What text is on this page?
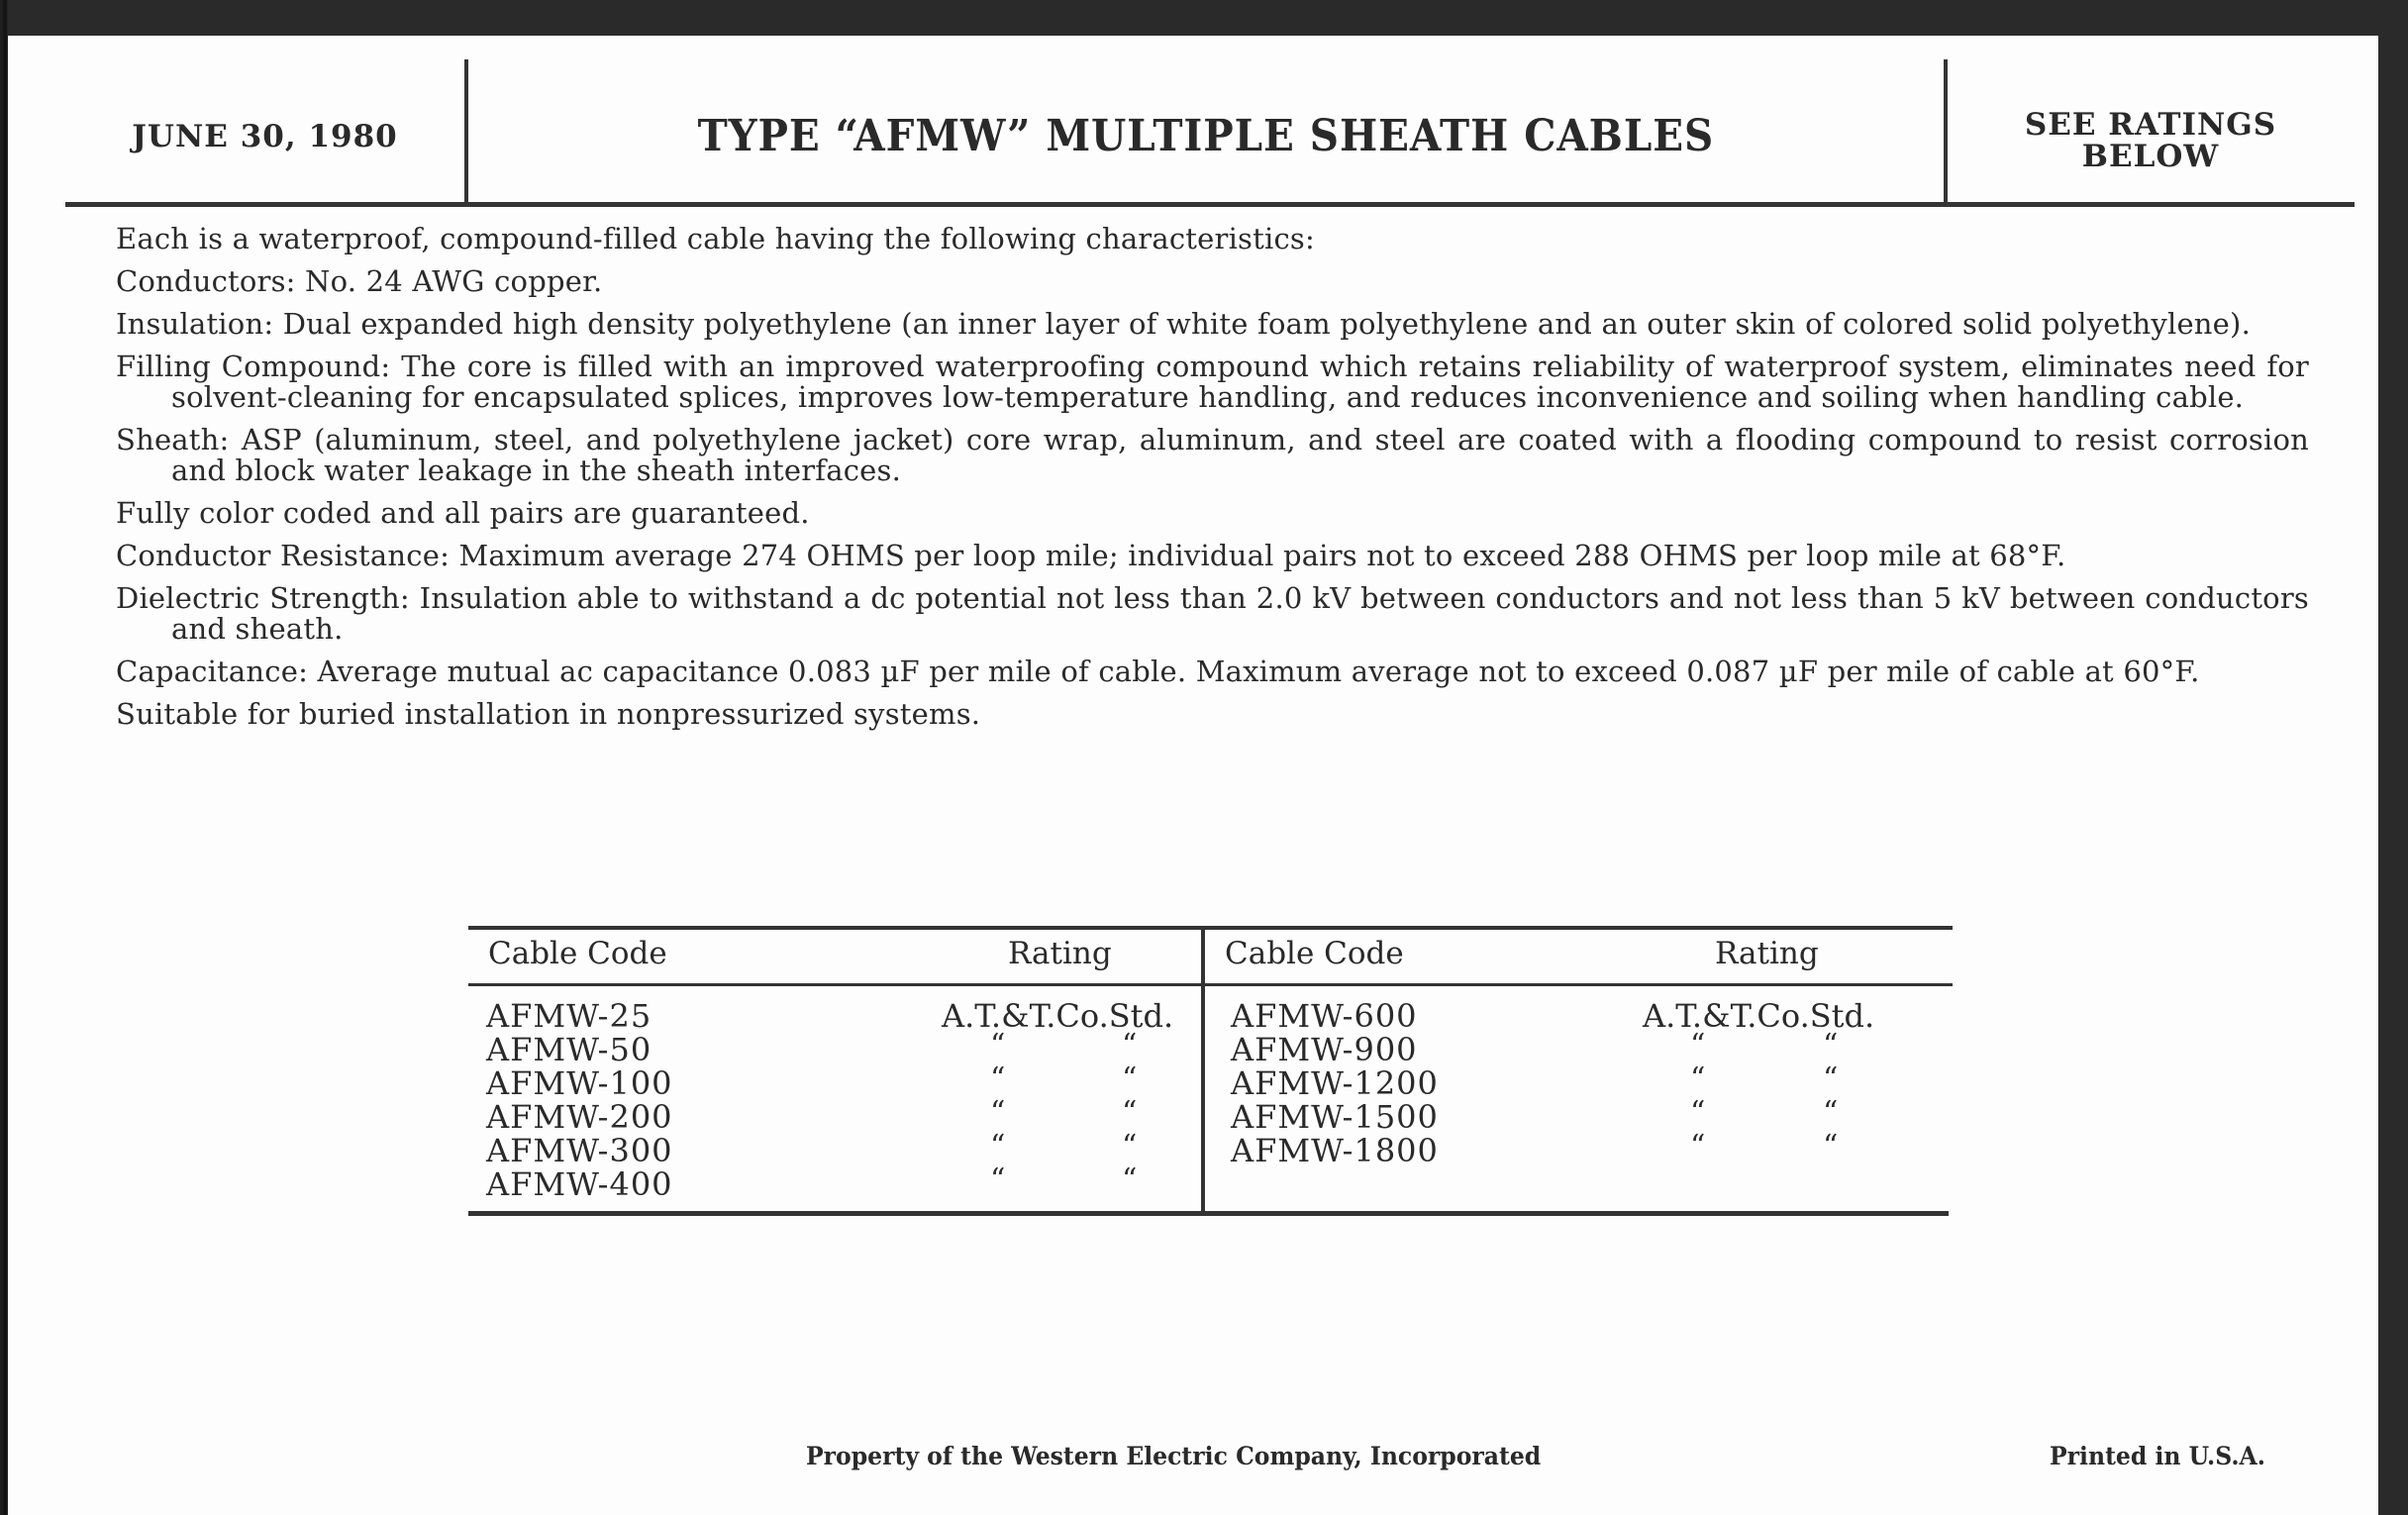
JUNE 30, 1980	TYPE “AFMW” MULTIPLE SHEATH CABLES	SEE RATINGS
BELOW

Each is a waterproof, compound-filled cable having the following characteristics:

Conductors: No. 24 AWG copper.

Insulation: Dual expanded high density polyethylene (an inner layer of white foam polyethylene and an outer skin of colored solid polyethylene).

Filling Compound: The core is filled with an improved waterproofing compound which retains reliability of waterproof system, eliminates need for solvent-cleaning for encapsulated splices, improves low-temperature handling, and reduces inconvenience and soiling when handling cable.

Sheath: ASP (aluminum, steel, and polyethylene jacket) core wrap, aluminum, and steel are coated with a flooding compound to resist corrosion and block water leakage in the sheath interfaces.

Fully color coded and all pairs are guaranteed.

Conductor Resistance: Maximum average 274 OHMS per loop mile; individual pairs not to exceed 288 OHMS per loop mile at 68°F.

Dielectric Strength: Insulation able to withstand a dc potential not less than 2.0 kV between conductors and not less than 5 kV between conductors and sheath.

Capacitance: Average mutual ac capacitance 0.083 µF per mile of cable. Maximum average not to exceed 0.087 µF per mile of cable at 60°F.

Suitable for buried installation in nonpressurized systems.

Cable Code	Rating
AFMW-25	A.T.&T.Co.Std.
AFMW-50	“	“
AFMW-100	“	“
AFMW-200	“	“
AFMW-300	“	“
AFMW-400	“	“
Cable Code	Rating
AFMW-600	A.T.&T.Co.Std.
AFMW-900	“	“
AFMW-1200	“	“
AFMW-1500	“	“
AFMW-1800	“	“
Property of the Western Electric Company, Incorporated	Printed in U.S.A.
